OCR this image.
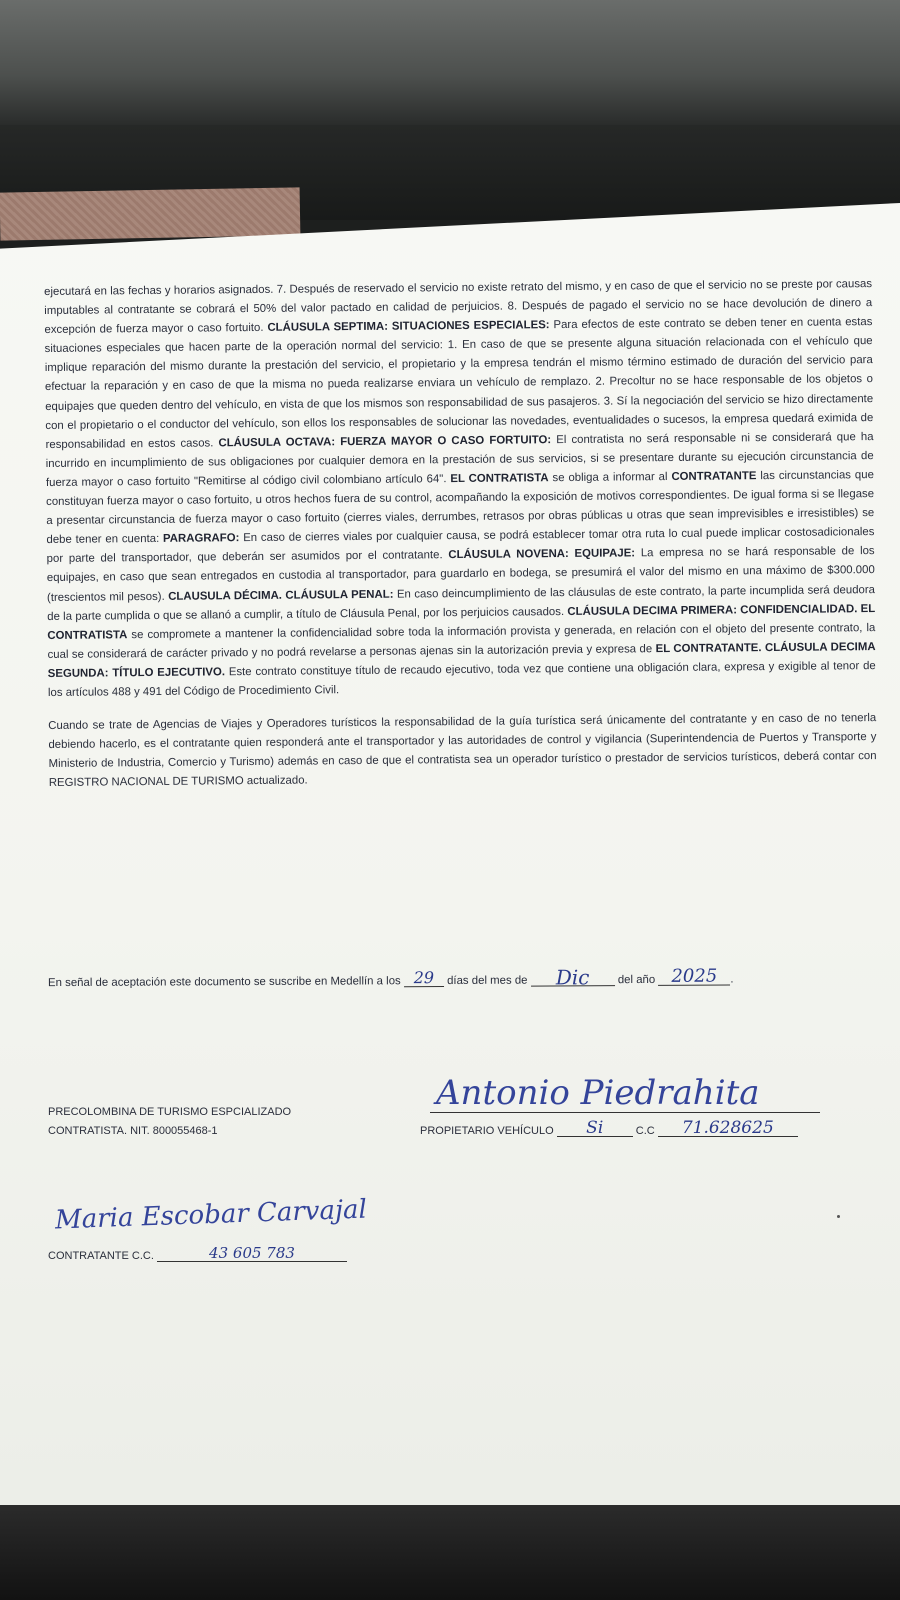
ejecutará en las fechas y horarios asignados. 7. Después de reservado el servicio no existe retrato del mismo, y en caso de que el servicio no se preste por causas imputables al contratante se cobrará el 50% del valor pactado en calidad de perjuicios. 8. Después de pagado el servicio no se hace devolución de dinero a excepción de fuerza mayor o caso fortuito. CLÁUSULA SEPTIMA: SITUACIONES ESPECIALES: Para efectos de este contrato se deben tener en cuenta estas situaciones especiales que hacen parte de la operación normal del servicio: 1. En caso de que se presente alguna situación relacionada con el vehículo que implique reparación del mismo durante la prestación del servicio, el propietario y la empresa tendrán el mismo término estimado de duración del servicio para efectuar la reparación y en caso de que la misma no pueda realizarse enviara un vehículo de remplazo. 2. Precoltur no se hace responsable de los objetos o equipajes que queden dentro del vehículo, en vista de que los mismos son responsabilidad de sus pasajeros. 3. Sí la negociación del servicio se hizo directamente con el propietario o el conductor del vehículo, son ellos los responsables de solucionar las novedades, eventualidades o sucesos, la empresa quedará eximida de responsabilidad en estos casos. CLÁUSULA OCTAVA: FUERZA MAYOR O CASO FORTUITO: El contratista no será responsable ni se considerará que ha incurrido en incumplimiento de sus obligaciones por cualquier demora en la prestación de sus servicios, si se presentare durante su ejecución circunstancia de fuerza mayor o caso fortuito "Remitirse al código civil colombiano artículo 64". EL CONTRATISTA se obliga a informar al CONTRATANTE las circunstancias que constituyan fuerza mayor o caso fortuito, u otros hechos fuera de su control, acompañando la exposición de motivos correspondientes. De igual forma si se llegase a presentar circunstancia de fuerza mayor o caso fortuito (cierres viales, derrumbes, retrasos por obras públicas u otras que sean imprevisibles e irresistibles) se debe tener en cuenta: PARAGRAFO: En caso de cierres viales por cualquier causa, se podrá establecer tomar otra ruta lo cual puede implicar costosadicionales por parte del transportador, que deberán ser asumidos por el contratante. CLÁUSULA NOVENA: EQUIPAJE: La empresa no se hará responsable de los equipajes, en caso que sean entregados en custodia al transportador, para guardarlo en bodega, se presumirá el valor del mismo en una máximo de $300.000 (trescientos mil pesos). CLAUSULA DÉCIMA. CLÁUSULA PENAL: En caso deincumplimiento de las cláusulas de este contrato, la parte incumplida será deudora de la parte cumplida o que se allanó a cumplir, a título de Cláusula Penal, por los perjuicios causados. CLÁUSULA DECIMA PRIMERA: CONFIDENCIALIDAD. EL CONTRATISTA se compromete a mantener la confidencialidad sobre toda la información provista y generada, en relación con el objeto del presente contrato, la cual se considerará de carácter privado y no podrá revelarse a personas ajenas sin la autorización previa y expresa de EL CONTRATANTE. CLÁUSULA DECIMA SEGUNDA: TÍTULO EJECUTIVO. Este contrato constituye título de recaudo ejecutivo, toda vez que contiene una obligación clara, expresa y exigible al tenor de los artículos 488 y 491 del Código de Procedimiento Civil.

Cuando se trate de Agencias de Viajes y Operadores turísticos la responsabilidad de la guía turística será únicamente del contratante y en caso de no tenerla debiendo hacerlo, es el contratante quien responderá ante el transportador y las autoridades de control y vigilancia (Superintendencia de Puertos y Transporte y Ministerio de Industria, Comercio y Turismo) además en caso de que el contratista sea un operador turístico o prestador de servicios turísticos, deberá contar con REGISTRO NACIONAL DE TURISMO actualizado.

En señal de aceptación este documento se suscribe en Medellín a los 29 días del mes de Dic del año 2025 .
PRECOLOMBINA DE TURISMO ESPCIALIZADO
CONTRATISTA. NIT. 800055468-1
Antonio Piedrahita
PROPIETARIO VEHÍCULO Si	C.C 71.628625
Maria Escobar Carvajal
CONTRATANTE C.C.	43 605 783
